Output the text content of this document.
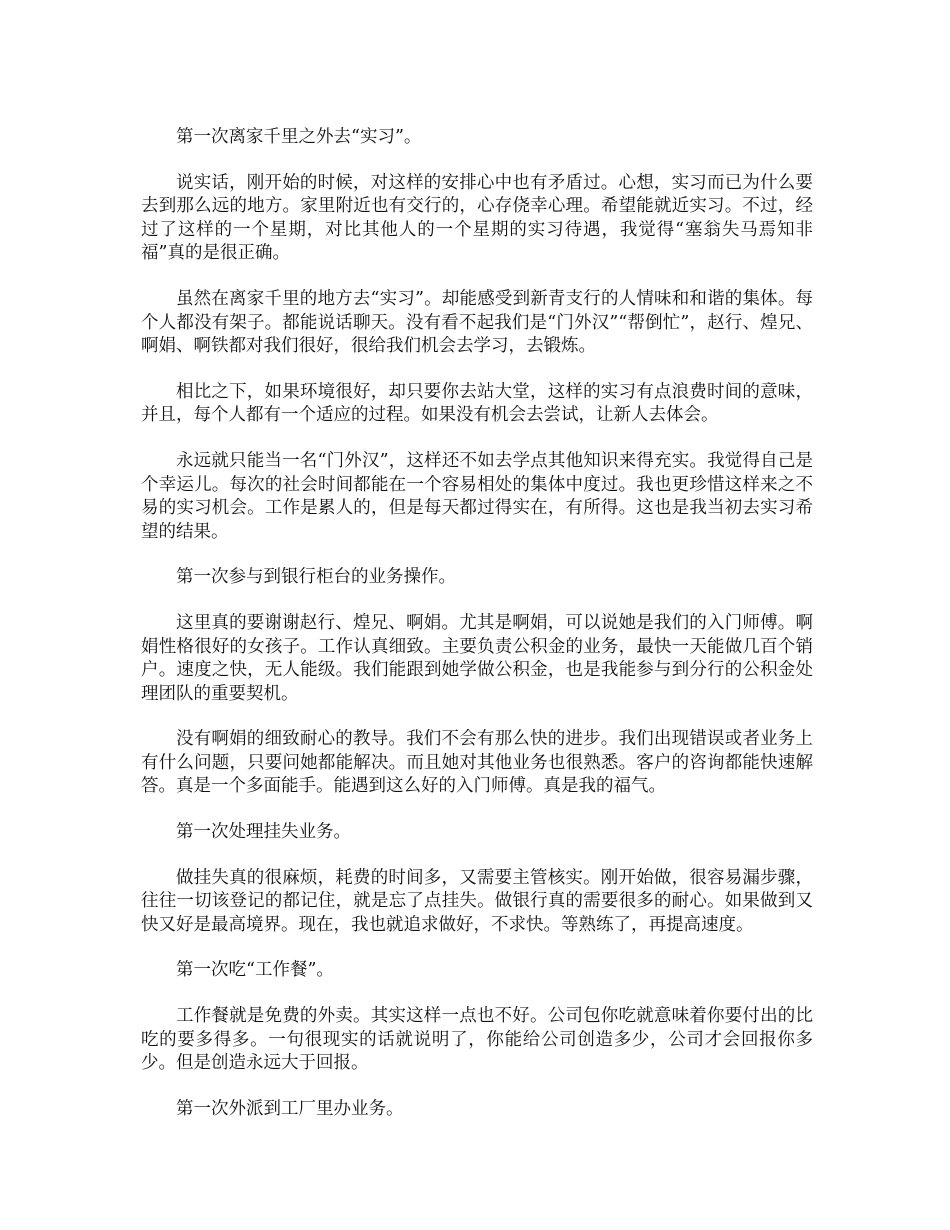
第一次离家千里之外去“实习”。

说实话，刚开始的时候，对这样的安排心中也有矛盾过。心想，实习而已为什么要去到那么远的地方。家里附近也有交行的，心存侥幸心理。希望能就近实习。不过，经过了这样的一个星期，对比其他人的一个星期的实习待遇，我觉得“塞翁失马焉知非福”真的是很正确。

虽然在离家千里的地方去“实习”。却能感受到新青支行的人情味和和谐的集体。每个人都没有架子。都能说话聊天。没有看不起我们是“门外汉”“帮倒忙”，赵行、煌兄、啊娟、啊铁都对我们很好，很给我们机会去学习，去锻炼。

相比之下，如果环境很好，却只要你去站大堂，这样的实习有点浪费时间的意味，并且，每个人都有一个适应的过程。如果没有机会去尝试，让新人去体会。

永远就只能当一名“门外汉”，这样还不如去学点其他知识来得充实。我觉得自己是个幸运儿。每次的社会时间都能在一个容易相处的集体中度过。我也更珍惜这样来之不易的实习机会。工作是累人的，但是每天都过得实在，有所得。这也是我当初去实习希望的结果。

第一次参与到银行柜台的业务操作。

这里真的要谢谢赵行、煌兄、啊娟。尤其是啊娟，可以说她是我们的入门师傅。啊娟性格很好的女孩子。工作认真细致。主要负责公积金的业务，最快一天能做几百个销户。速度之快，无人能级。我们能跟到她学做公积金，也是我能参与到分行的公积金处理团队的重要契机。

没有啊娟的细致耐心的教导。我们不会有那么快的进步。我们出现错误或者业务上有什么问题，只要问她都能解决。而且她对其他业务也很熟悉。客户的咨询都能快速解答。真是一个多面能手。能遇到这么好的入门师傅。真是我的福气。

第一次处理挂失业务。

做挂失真的很麻烦，耗费的时间多，又需要主管核实。刚开始做，很容易漏步骤，往往一切该登记的都记住，就是忘了点挂失。做银行真的需要很多的耐心。如果做到又快又好是最高境界。现在，我也就追求做好，不求快。等熟练了，再提高速度。

第一次吃“工作餐”。

工作餐就是免费的外卖。其实这样一点也不好。公司包你吃就意味着你要付出的比吃的要多得多。一句很现实的话就说明了，你能给公司创造多少，公司才会回报你多少。但是创造永远大于回报。

第一次外派到工厂里办业务。
